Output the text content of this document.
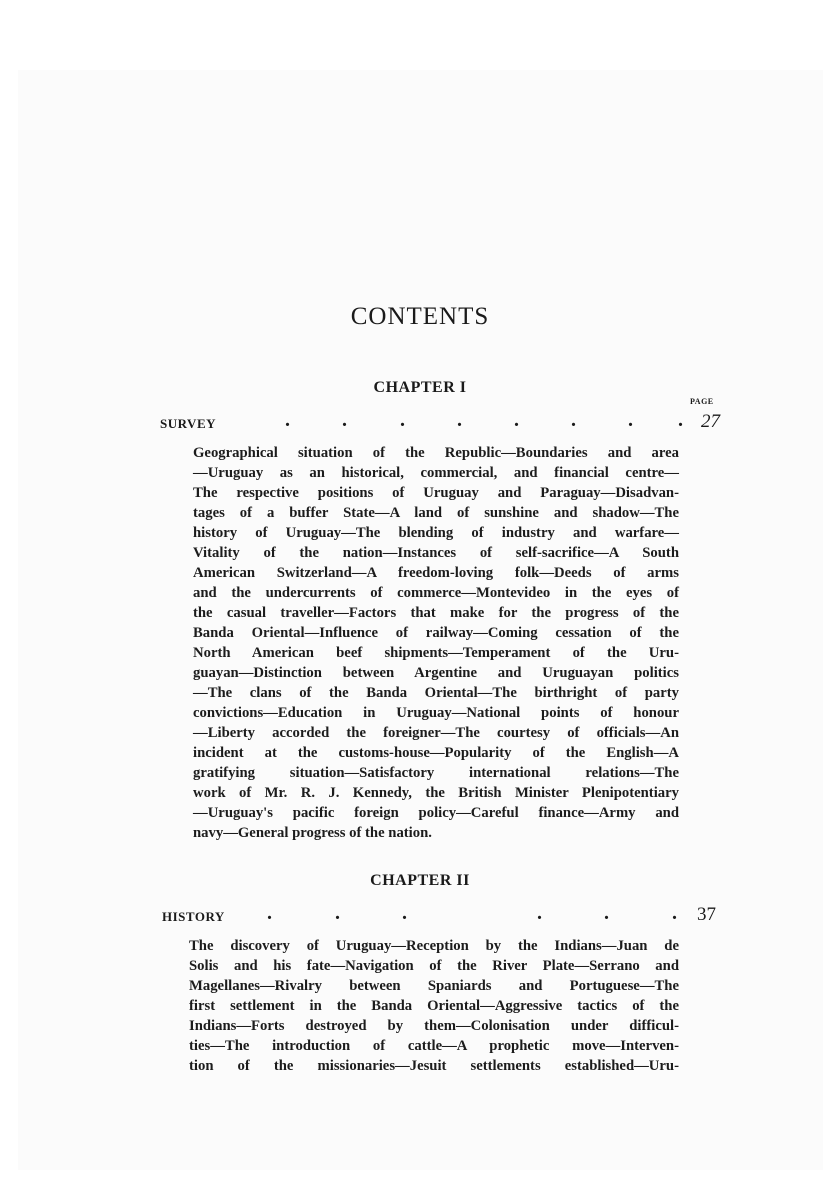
CONTENTS
CHAPTER I
PAGE
SURVEY	.	.	.	.	.	.	. . 27
Geographical situation of the Republic—Boundaries and area
—Uruguay as an historical, commercial, and financial centre—
The respective positions of Uruguay and Paraguay—Disadvan-
tages of a buffer State—A land of sunshine and shadow—The
history of Uruguay—The blending of industry and warfare—
Vitality of the nation—Instances of self-sacrifice—A South
American Switzerland—A freedom-loving folk—Deeds of arms
and the undercurrents of commerce—Montevideo in the eyes of
the casual traveller—Factors that make for the progress of the
Banda Oriental—Influence of railway—Coming cessation of the
North American beef shipments—Temperament of the Uru-
guayan—Distinction between Argentine and Uruguayan politics
—The clans of the Banda Oriental—The birthright of party
convictions—Education in Uruguay—National points of honour
—Liberty accorded the foreigner—The courtesy of officials—An
incident at the customs-house—Popularity of the English—A
gratifying situation—Satisfactory international relations—The
work of Mr. R. J. Kennedy, the British Minister Plenipotentiary
—Uruguay's pacific foreign policy—Careful finance—Army and
navy—General progress of the nation.
CHAPTER II
HISTORY .	.	.	.	.	. 37
The discovery of Uruguay—Reception by the Indians—Juan de
Solis and his fate—Navigation of the River Plate—Serrano and
Magellanes—Rivalry between Spaniards and Portuguese—The
first settlement in the Banda Oriental—Aggressive tactics of the
Indians—Forts destroyed by them—Colonisation under difficul-
ties—The introduction of cattle—A prophetic move—Interven-
tion of the missionaries—Jesuit settlements established—Uru-
